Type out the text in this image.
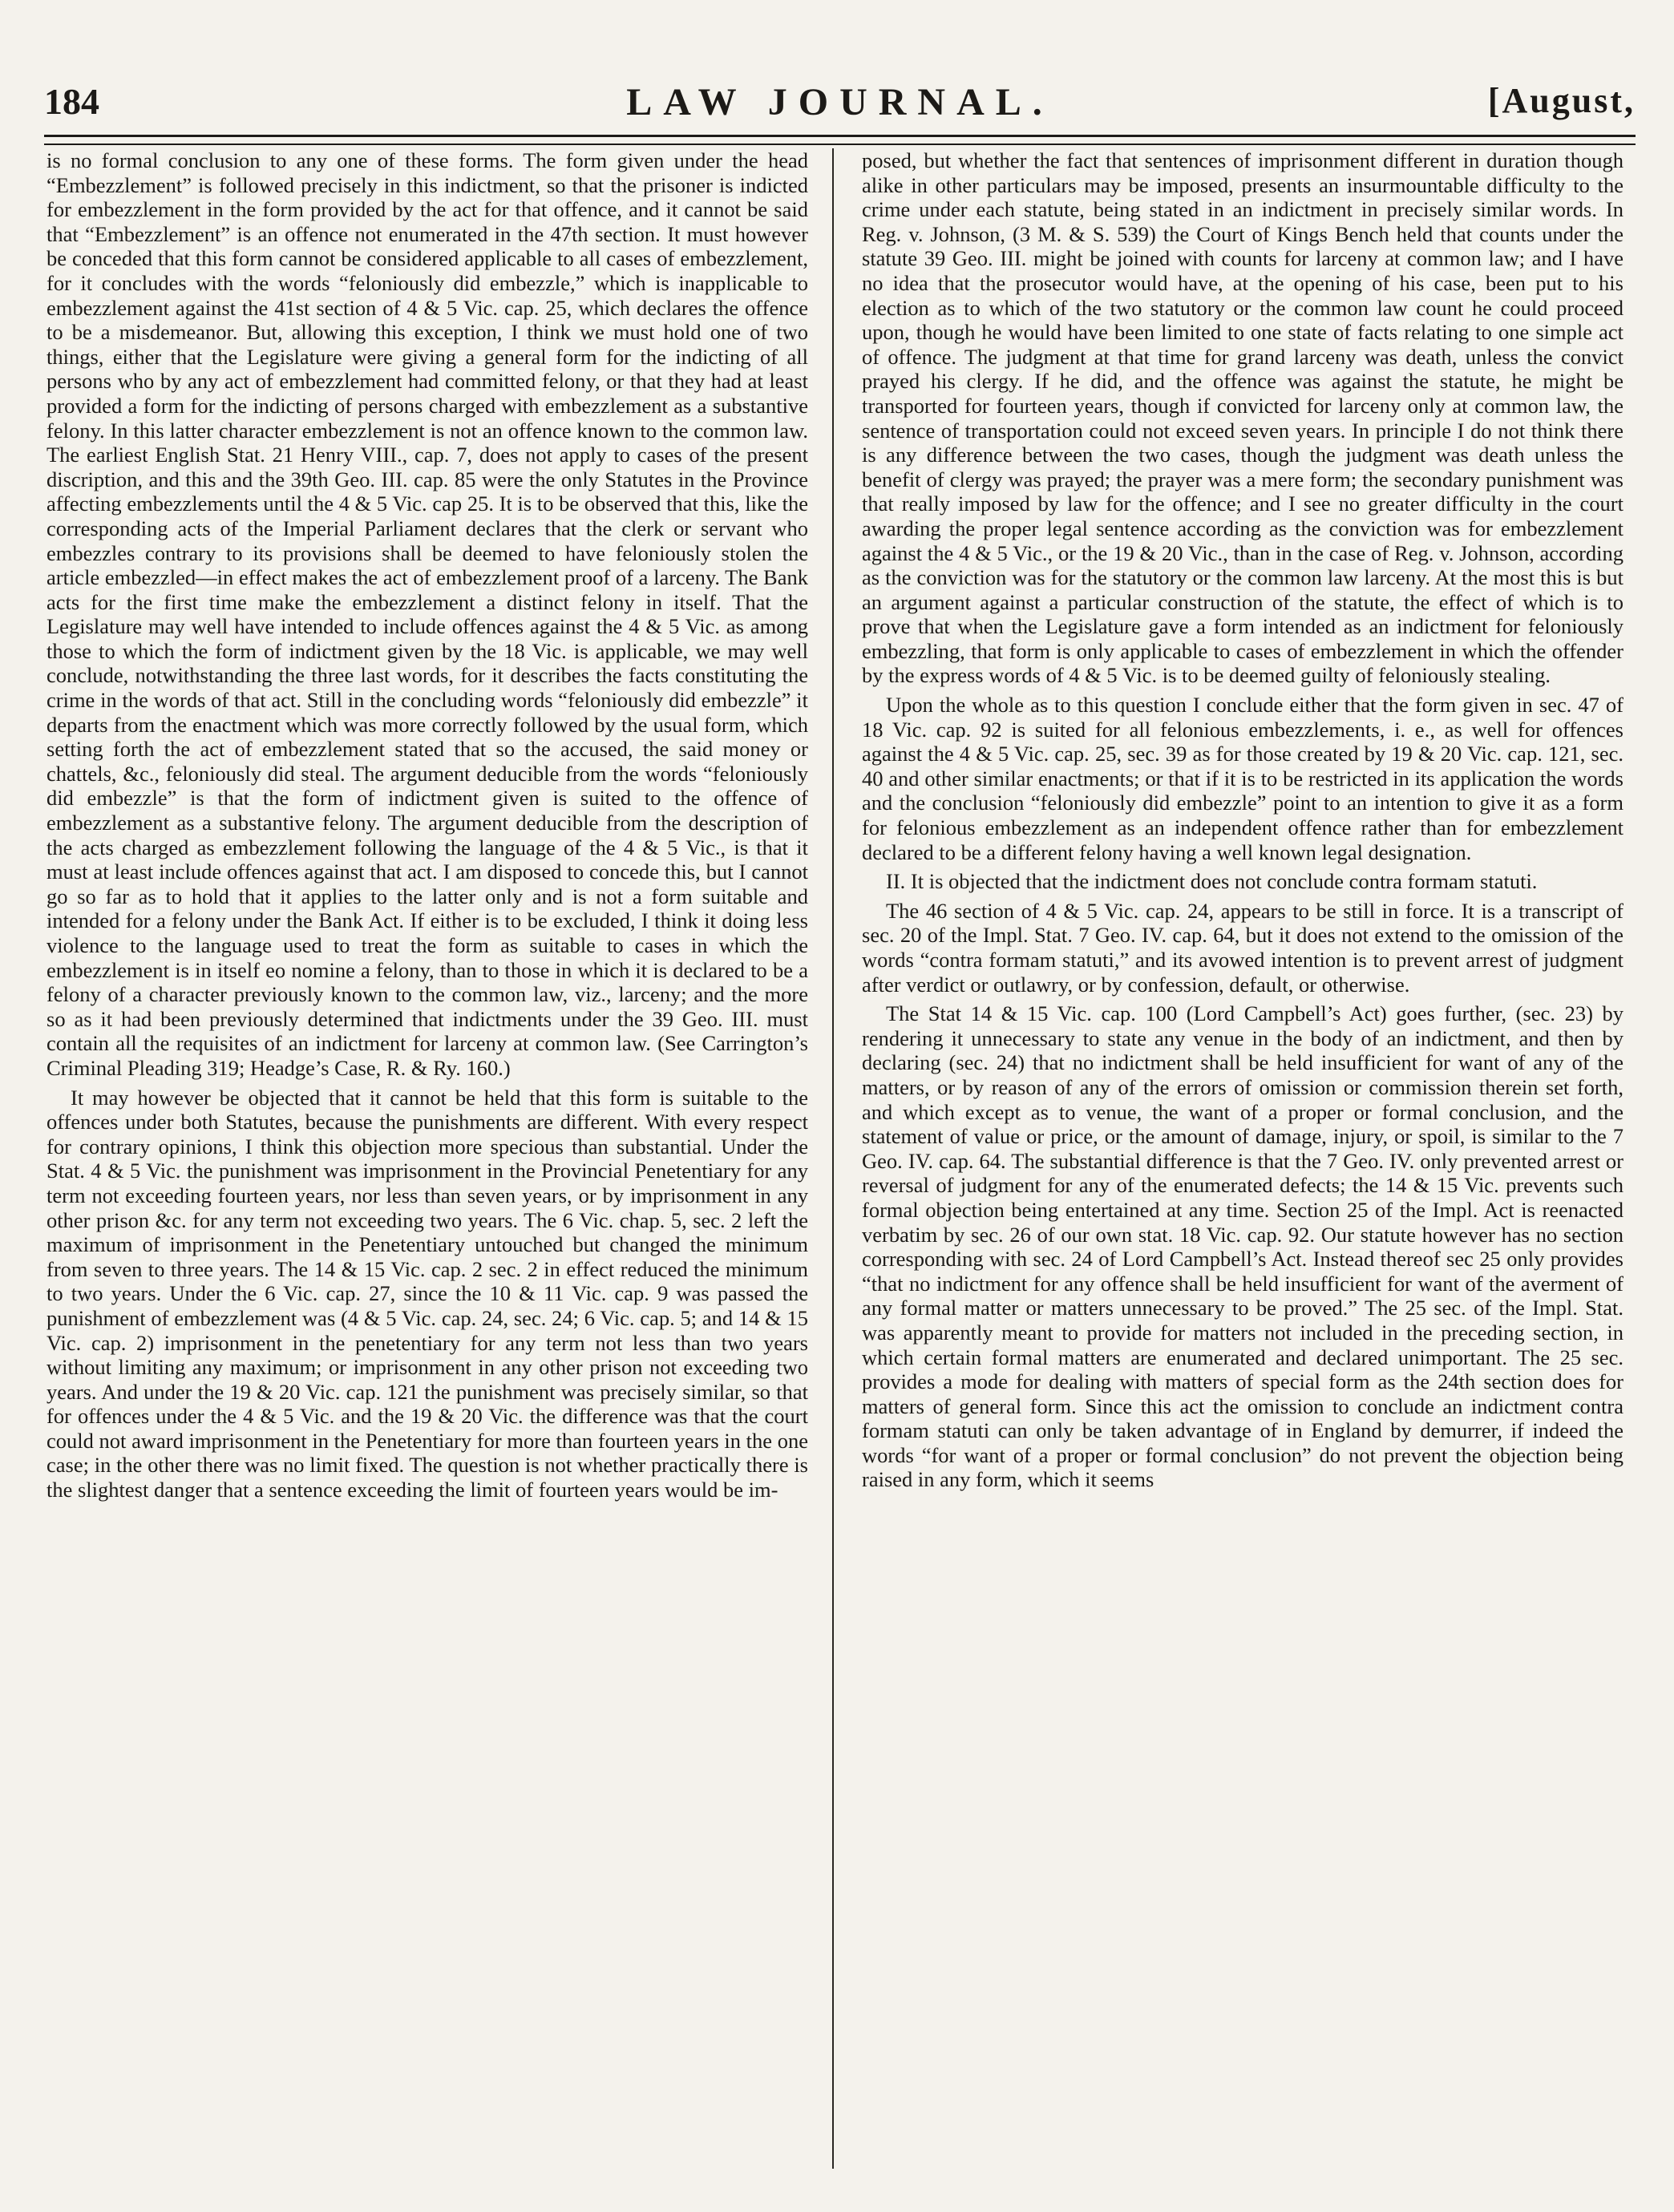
184	LAW JOURNAL.	[August,

is no formal conclusion to any one of these forms. The form given under the head “Embezzlement” is followed precisely in this indictment, so that the prisoner is indicted for embezzlement in the form provided by the act for that offence, and it cannot be said that “Embezzlement” is an offence not enumerated in the 47th section. It must however be conceded that this form cannot be considered applicable to all cases of embezzlement, for it concludes with the words “feloniously did embezzle,” which is inapplicable to embezzlement against the 41st section of 4 & 5 Vic. cap. 25, which declares the offence to be a misdemeanor. But, allowing this exception, I think we must hold one of two things, either that the Legislature were giving a general form for the indicting of all persons who by any act of embezzlement had committed felony, or that they had at least provided a form for the indicting of persons charged with embezzlement as a substantive felony. In this latter character embezzlement is not an offence known to the common law. The earliest English Stat. 21 Henry VIII., cap. 7, does not apply to cases of the present discription, and this and the 39th Geo. III. cap. 85 were the only Statutes in the Province affecting embezzlements until the 4 & 5 Vic. cap 25. It is to be observed that this, like the corresponding acts of the Imperial Parliament declares that the clerk or servant who embezzles contrary to its provisions shall be deemed to have feloniously stolen the article embezzled—in effect makes the act of embezzlement proof of a larceny. The Bank acts for the first time make the embezzlement a distinct felony in itself. That the Legislature may well have intended to include offences against the 4 & 5 Vic. as among those to which the form of indictment given by the 18 Vic. is applicable, we may well conclude, notwithstanding the three last words, for it describes the facts constituting the crime in the words of that act. Still in the concluding words “feloniously did embezzle” it departs from the enactment which was more correctly followed by the usual form, which setting forth the act of embezzlement stated that so the accused, the said money or chattels, &c., feloniously did steal. The argument deducible from the words “feloniously did embezzle” is that the form of indictment given is suited to the offence of embezzlement as a substantive felony. The argument deducible from the description of the acts charged as embezzlement following the language of the 4 & 5 Vic., is that it must at least include offences against that act. I am disposed to concede this, but I cannot go so far as to hold that it applies to the latter only and is not a form suitable and intended for a felony under the Bank Act. If either is to be excluded, I think it doing less violence to the language used to treat the form as suitable to cases in which the embezzlement is in itself eo nomine a felony, than to those in which it is declared to be a felony of a character previously known to the common law, viz., larceny; and the more so as it had been previously determined that indictments under the 39 Geo. III. must contain all the requisites of an indictment for larceny at common law. (See Carrington’s Criminal Pleading 319; Headge’s Case, R. & Ry. 160.)

It may however be objected that it cannot be held that this form is suitable to the offences under both Statutes, because the punishments are different. With every respect for contrary opinions, I think this objection more specious than substantial. Under the Stat. 4 & 5 Vic. the punishment was imprisonment in the Provincial Penetentiary for any term not exceeding fourteen years, nor less than seven years, or by imprisonment in any other prison &c. for any term not exceeding two years. The 6 Vic. chap. 5, sec. 2 left the maximum of imprisonment in the Penetentiary untouched but changed the minimum from seven to three years. The 14 & 15 Vic. cap. 2 sec. 2 in effect reduced the minimum to two years. Under the 6 Vic. cap. 27, since the 10 & 11 Vic. cap. 9 was passed the punishment of embezzlement was (4 & 5 Vic. cap. 24, sec. 24; 6 Vic. cap. 5; and 14 & 15 Vic. cap. 2) imprisonment in the penetentiary for any term not less than two years without limiting any maximum; or imprisonment in any other prison not exceeding two years. And under the 19 & 20 Vic. cap. 121 the punishment was precisely similar, so that for offences under the 4 & 5 Vic. and the 19 & 20 Vic. the difference was that the court could not award imprisonment in the Penetentiary for more than fourteen years in the one case; in the other there was no limit fixed. The question is not whether practically there is the slightest danger that a sentence exceeding the limit of fourteen years would be im-

posed, but whether the fact that sentences of imprisonment different in duration though alike in other particulars may be imposed, presents an insurmountable difficulty to the crime under each statute, being stated in an indictment in precisely similar words. In Reg. v. Johnson, (3 M. & S. 539) the Court of Kings Bench held that counts under the statute 39 Geo. III. might be joined with counts for larceny at common law; and I have no idea that the prosecutor would have, at the opening of his case, been put to his election as to which of the two statutory or the common law count he could proceed upon, though he would have been limited to one state of facts relating to one simple act of offence. The judgment at that time for grand larceny was death, unless the convict prayed his clergy. If he did, and the offence was against the statute, he might be transported for fourteen years, though if convicted for larceny only at common law, the sentence of transportation could not exceed seven years. In principle I do not think there is any difference between the two cases, though the judgment was death unless the benefit of clergy was prayed; the prayer was a mere form; the secondary punishment was that really imposed by law for the offence; and I see no greater difficulty in the court awarding the proper legal sentence according as the conviction was for embezzlement against the 4 & 5 Vic., or the 19 & 20 Vic., than in the case of Reg. v. Johnson, according as the conviction was for the statutory or the common law larceny. At the most this is but an argument against a particular construction of the statute, the effect of which is to prove that when the Legislature gave a form intended as an indictment for feloniously embezzling, that form is only applicable to cases of embezzlement in which the offender by the express words of 4 & 5 Vic. is to be deemed guilty of feloniously stealing.

Upon the whole as to this question I conclude either that the form given in sec. 47 of 18 Vic. cap. 92 is suited for all felonious embezzlements, i. e., as well for offences against the 4 & 5 Vic. cap. 25, sec. 39 as for those created by 19 & 20 Vic. cap. 121, sec. 40 and other similar enactments; or that if it is to be restricted in its application the words and the conclusion “feloniously did embezzle” point to an intention to give it as a form for felonious embezzlement as an independent offence rather than for embezzlement declared to be a different felony having a well known legal designation.

II. It is objected that the indictment does not conclude contra formam statuti.

The 46 section of 4 & 5 Vic. cap. 24, appears to be still in force. It is a transcript of sec. 20 of the Impl. Stat. 7 Geo. IV. cap. 64, but it does not extend to the omission of the words “contra formam statuti,” and its avowed intention is to prevent arrest of judgment after verdict or outlawry, or by confession, default, or otherwise.

The Stat 14 & 15 Vic. cap. 100 (Lord Campbell’s Act) goes further, (sec. 23) by rendering it unnecessary to state any venue in the body of an indictment, and then by declaring (sec. 24) that no indictment shall be held insufficient for want of any of the matters, or by reason of any of the errors of omission or commission therein set forth, and which except as to venue, the want of a proper or formal conclusion, and the statement of value or price, or the amount of damage, injury, or spoil, is similar to the 7 Geo. IV. cap. 64. The substantial difference is that the 7 Geo. IV. only prevented arrest or reversal of judgment for any of the enumerated defects; the 14 & 15 Vic. prevents such formal objection being entertained at any time. Section 25 of the Impl. Act is reenacted verbatim by sec. 26 of our own stat. 18 Vic. cap. 92. Our statute however has no section corresponding with sec. 24 of Lord Campbell’s Act. Instead thereof sec 25 only provides “that no indictment for any offence shall be held insufficient for want of the averment of any formal matter or matters unnecessary to be proved.” The 25 sec. of the Impl. Stat. was apparently meant to provide for matters not included in the preceding section, in which certain formal matters are enumerated and declared unimportant. The 25 sec. provides a mode for dealing with matters of special form as the 24th section does for matters of general form. Since this act the omission to conclude an indictment contra formam statuti can only be taken advantage of in England by demurrer, if indeed the words “for want of a proper or formal conclusion” do not prevent the objection being raised in any form, which it seems
